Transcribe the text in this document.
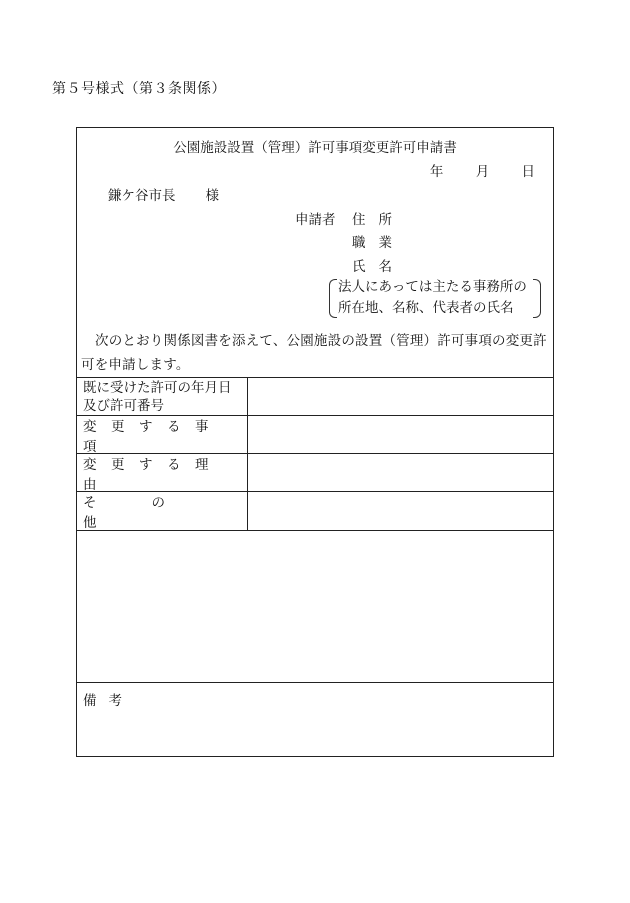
第５号様式（第３条関係）
公園施設設置（管理）許可事項変更許可申請書
年 月 日
鎌ケ谷市長 様
申請者 住所
職業
氏名
法人にあっては主たる事務所の
所在地、名称、代表者の氏名
次のとおり関係図書を添えて、公園施設の設置（管理）許可事項の変更許可を申請します。
既に受けた許可の年月日及び許可番号
変更する事項
変更する理由
その他
備考
